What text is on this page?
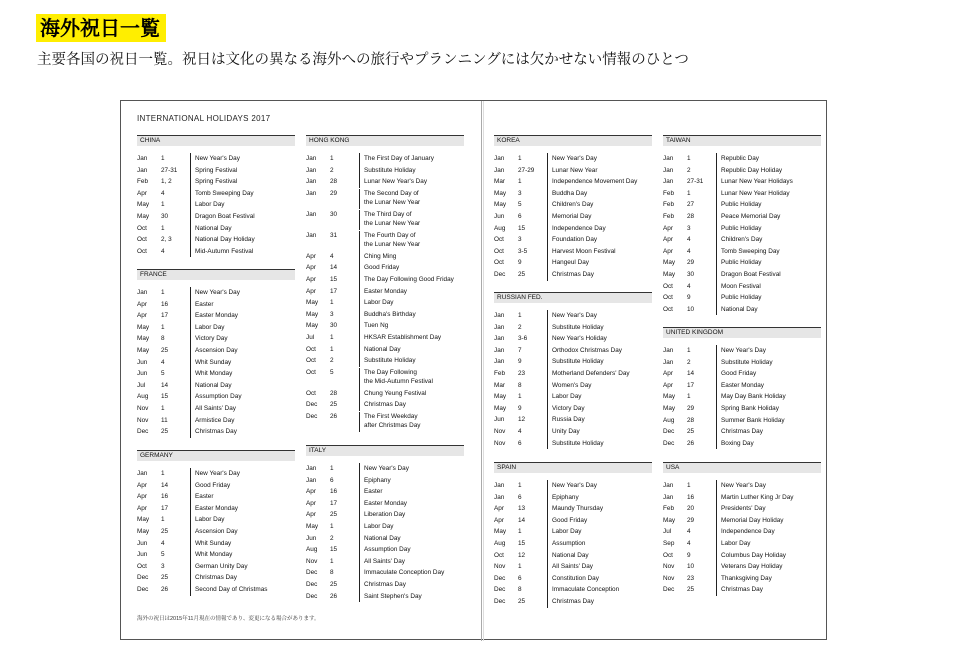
海外祝日一覧
主要各国の祝日一覧。祝日は文化の異なる海外への旅行やプランニングには欠かせない情報のひとつ
INTERNATIONAL HOLIDAYS 2017
CHINA
Jan	1	New Year's Day
Jan	27-31	Spring Festival
Feb	1, 2	Spring Festival
Apr	4	Tomb Sweeping Day
May	1	Labor Day
May	30	Dragon Boat Festival
Oct	1	National Day
Oct	2, 3	National Day Holiday
Oct	4	Mid-Autumn Festival
FRANCE
Jan	1	New Year's Day
Apr	16	Easter
Apr	17	Easter Monday
May	1	Labor Day
May	8	Victory Day
May	25	Ascension Day
Jun	4	Whit Sunday
Jun	5	Whit Monday
Jul	14	National Day
Aug	15	Assumption Day
Nov	1	All Saints' Day
Nov	11	Armistice Day
Dec	25	Christmas Day
GERMANY
Jan	1	New Year's Day
Apr	14	Good Friday
Apr	16	Easter
Apr	17	Easter Monday
May	1	Labor Day
May	25	Ascension Day
Jun	4	Whit Sunday
Jun	5	Whit Monday
Oct	3	German Unity Day
Dec	25	Christmas Day
Dec	26	Second Day of Christmas
HONG KONG
Jan	1	The First Day of January
Jan	2	Substitute Holiday
Jan	28	Lunar New Year's Day
Jan	29	The Second Day of
the Lunar New Year
Jan	30	The Third Day of
the Lunar New Year
Jan	31	The Fourth Day of
the Lunar New Year
Apr	4	Ching Ming
Apr	14	Good Friday
Apr	15	The Day Following Good Friday
Apr	17	Easter Monday
May	1	Labor Day
May	3	Buddha's Birthday
May	30	Tuen Ng
Jul	1	HKSAR Establishment Day
Oct	1	National Day
Oct	2	Substitute Holiday
Oct	5	The Day Following
the Mid-Autumn Festival
Oct	28	Chung Yeung Festival
Dec	25	Christmas Day
Dec	26	The First Weekday
after Christmas Day
ITALY
Jan	1	New Year's Day
Jan	6	Epiphany
Apr	16	Easter
Apr	17	Easter Monday
Apr	25	Liberation Day
May	1	Labor Day
Jun	2	National Day
Aug	15	Assumption Day
Nov	1	All Saints' Day
Dec	8	Immaculate Conception Day
Dec	25	Christmas Day
Dec	26	Saint Stephen's Day
KOREA
Jan	1	New Year's Day
Jan	27-29	Lunar New Year
Mar	1	Independence Movement Day
May	3	Buddha Day
May	5	Children's Day
Jun	6	Memorial Day
Aug	15	Independence Day
Oct	3	Foundation Day
Oct	3-5	Harvest Moon Festival
Oct	9	Hangeul Day
Dec	25	Christmas Day
RUSSIAN FED.
Jan	1	New Year's Day
Jan	2	Substitute Holiday
Jan	3-6	New Year's Holiday
Jan	7	Orthodox Christmas Day
Jan	9	Substitute Holiday
Feb	23	Motherland Defenders' Day
Mar	8	Women's Day
May	1	Labor Day
May	9	Victory Day
Jun	12	Russia Day
Nov	4	Unity Day
Nov	6	Substitute Holiday
SPAIN
Jan	1	New Year's Day
Jan	6	Epiphany
Apr	13	Maundy Thursday
Apr	14	Good Friday
May	1	Labor Day
Aug	15	Assumption
Oct	12	National Day
Nov	1	All Saints' Day
Dec	6	Constitution Day
Dec	8	Immaculate Conception
Dec	25	Christmas Day
TAIWAN
Jan	1	Republic Day
Jan	2	Republic Day Holiday
Jan	27-31	Lunar New Year Holidays
Feb	1	Lunar New Year Holiday
Feb	27	Public Holiday
Feb	28	Peace Memorial Day
Apr	3	Public Holiday
Apr	4	Children's Day
Apr	4	Tomb Sweeping Day
May	29	Public Holiday
May	30	Dragon Boat Festival
Oct	4	Moon Festival
Oct	9	Public Holiday
Oct	10	National Day
UNITED KINGDOM
Jan	1	New Year's Day
Jan	2	Substitute Holiday
Apr	14	Good Friday
Apr	17	Easter Monday
May	1	May Day Bank Holiday
May	29	Spring Bank Holiday
Aug	28	Summer Bank Holiday
Dec	25	Christmas Day
Dec	26	Boxing Day
USA
Jan	1	New Year's Day
Jan	16	Martin Luther King Jr Day
Feb	20	Presidents' Day
May	29	Memorial Day Holiday
Jul	4	Independence Day
Sep	4	Labor Day
Oct	9	Columbus Day Holiday
Nov	10	Veterans Day Holiday
Nov	23	Thanksgiving Day
Dec	25	Christmas Day
海外の祝日は2015年11月現在の情報であり、変更になる場合があります。
